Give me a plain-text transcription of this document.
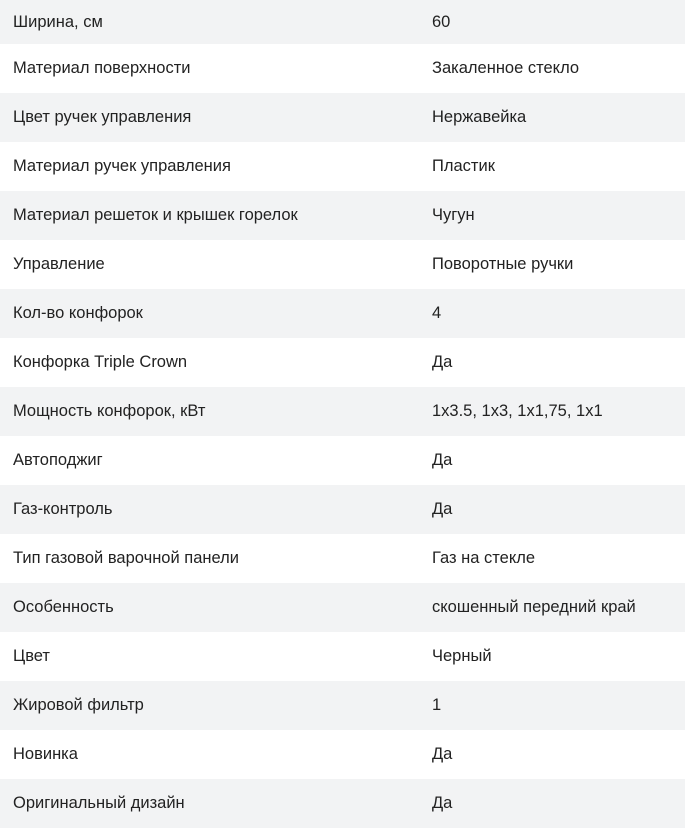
Ширина, см	60
Материал поверхности	Закаленное стекло
Цвет ручек управления	Нержавейка
Материал ручек управления	Пластик
Материал решеток и крышек горелок	Чугун
Управление	Поворотные ручки
Кол-во конфорок	4
Конфорка Triple Crown	Да
Мощность конфорок, кВт	1x3.5, 1x3, 1x1,75, 1x1
Автоподжиг	Да
Газ-контроль	Да
Тип газовой варочной панели	Газ на стекле
Особенность	скошенный передний край
Цвет	Черный
Жировой фильтр	1
Новинка	Да
Оригинальный дизайн	Да
